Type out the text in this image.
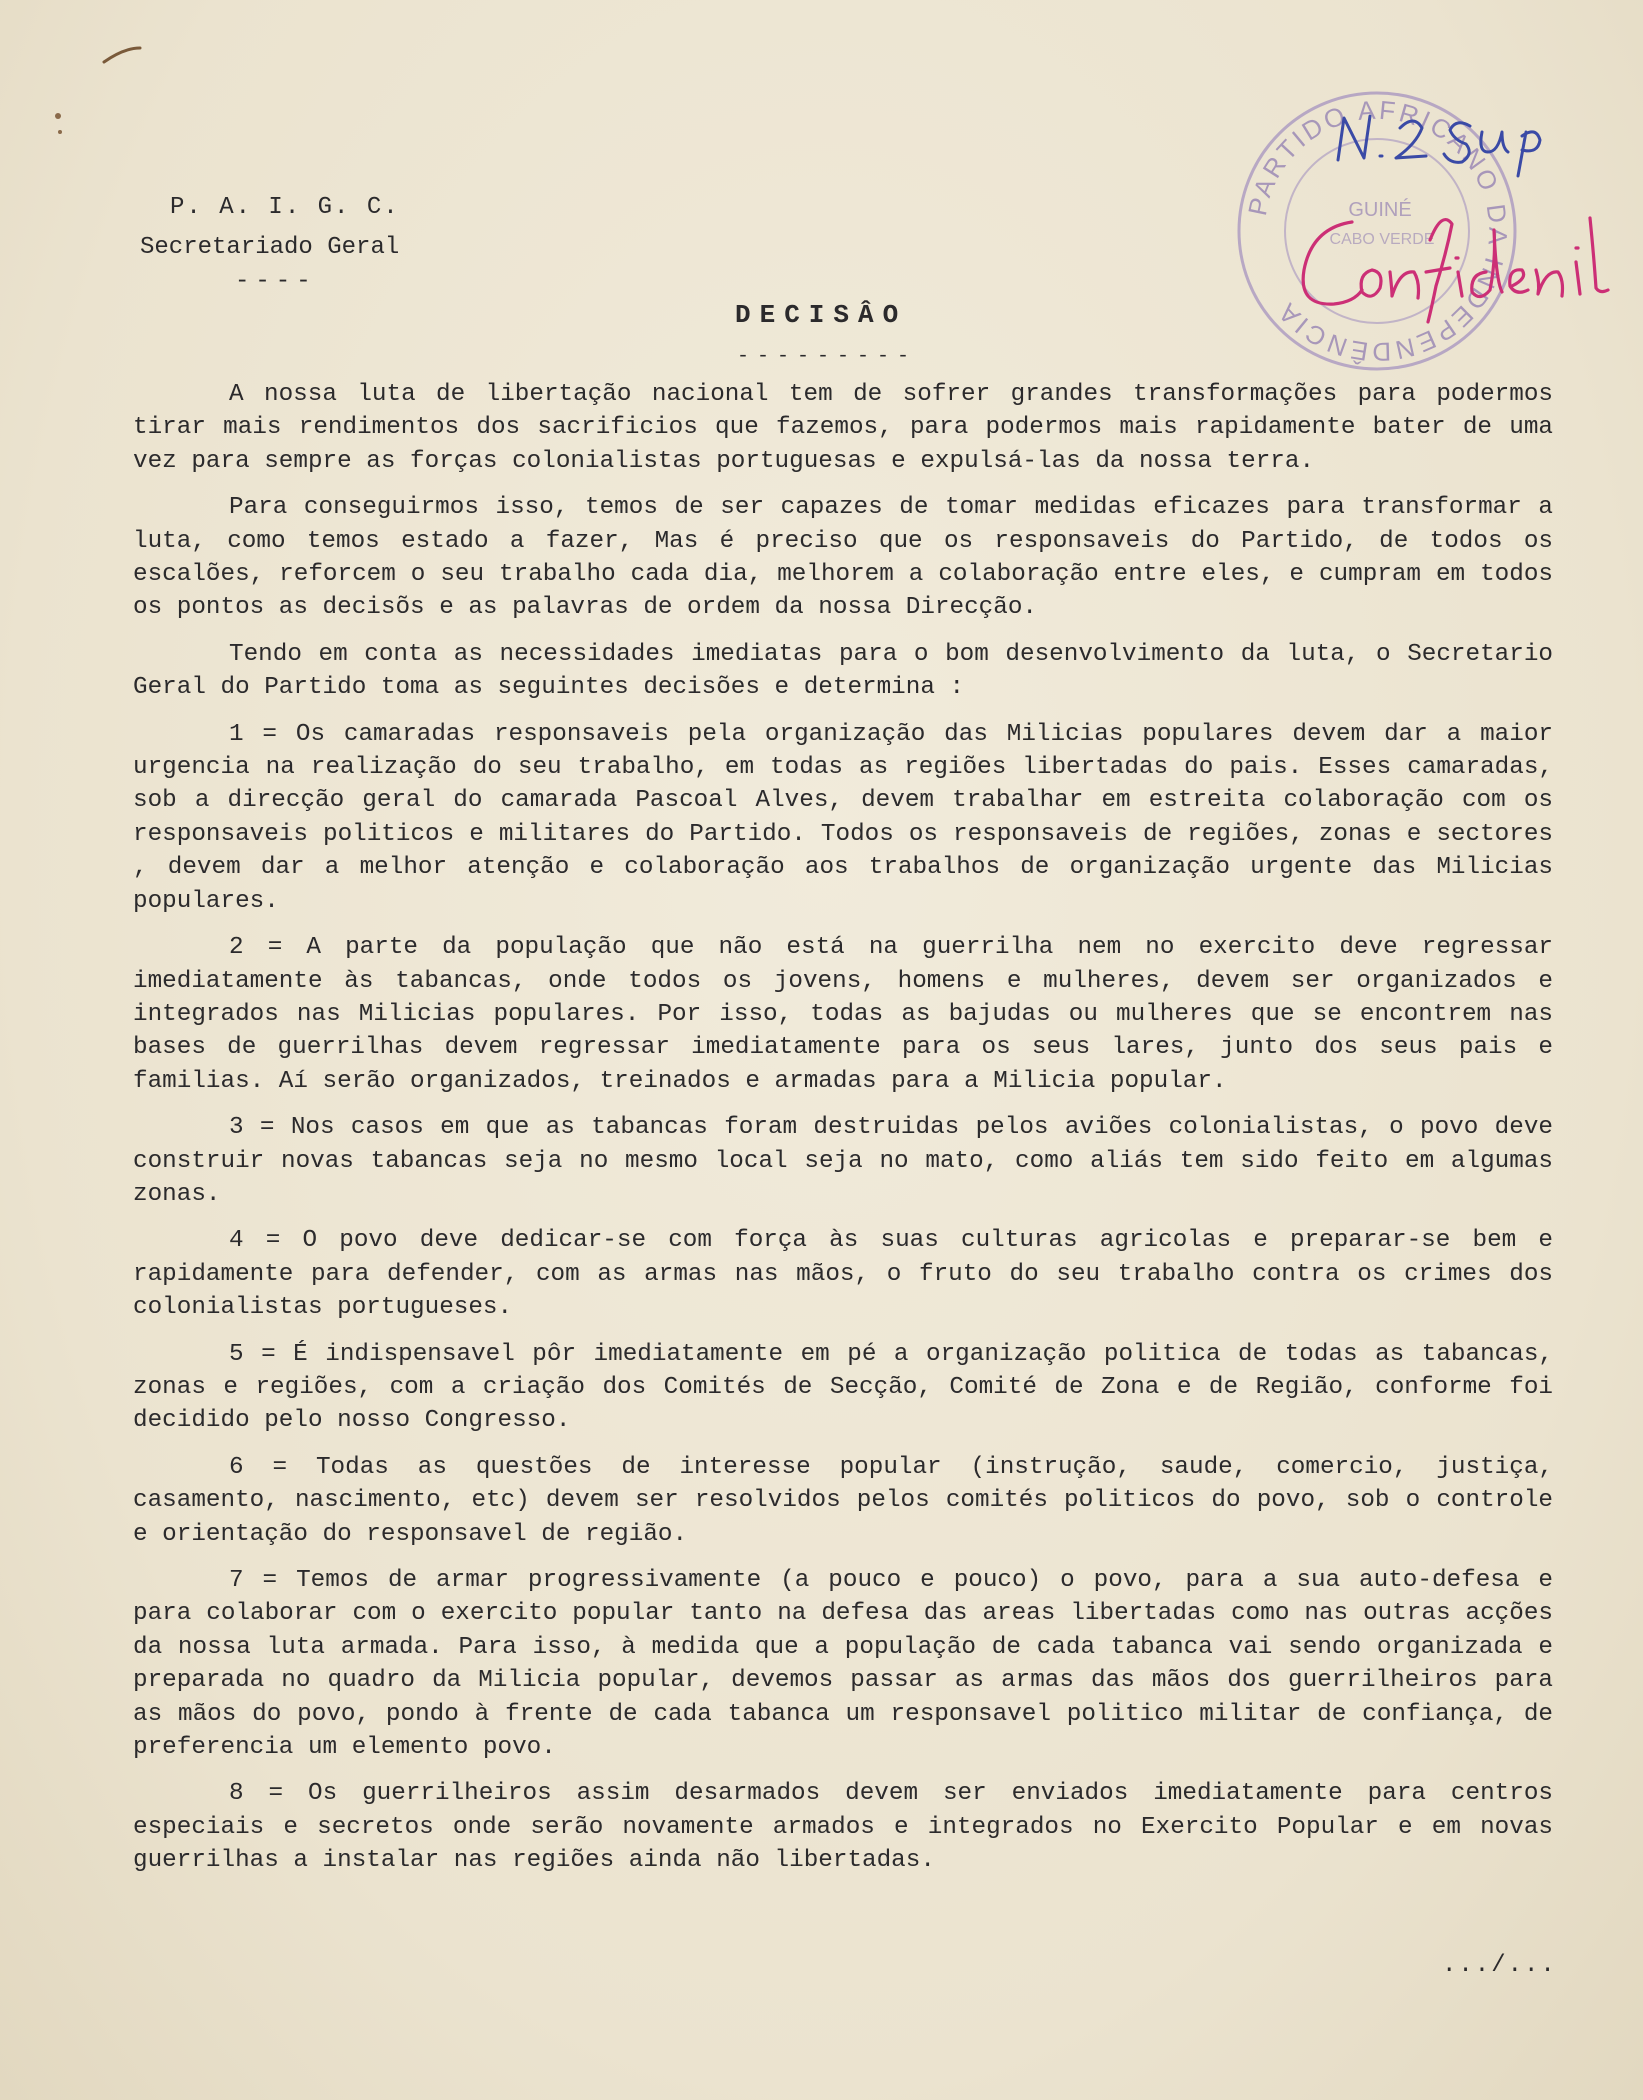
PARTIDO AFRICANO DA INDEPENDÊNCIA
GUINÉ
CABO VERDE
P. A. I. G. C.
Secretariado Geral
----
DECISÂO
---------

A nossa luta de libertação nacional tem de sofrer grandes transformações para podermos tirar mais rendimentos dos sacrificios que fazemos, para podermos mais rapidamente bater de uma vez para sempre as forças colonialistas portuguesas e expulsá-las da nossa terra.

Para conseguirmos isso, temos de ser capazes de tomar medidas eficazes para transformar a luta, como temos estado a fazer, Mas é preciso que os responsaveis do Partido, de todos os escalões, reforcem o seu trabalho cada dia, melhorem a colaboração entre eles, e cumpram em todos os pontos as decisõs e as palavras de ordem da nossa Direcção.

Tendo em conta as necessidades imediatas para o bom desenvolvimento da luta, o Secretario Geral do Partido toma as seguintes decisões e determina :

1 = Os camaradas responsaveis pela organização das Milicias populares devem dar a maior urgencia na realização do seu trabalho, em todas as regiões libertadas do pais. Esses camaradas, sob a direcção geral do camarada Pascoal Alves, devem trabalhar em estreita colaboração com os responsaveis politicos e militares do Partido. Todos os responsaveis de regiões, zonas e sectores , devem dar a melhor atenção e colaboração aos trabalhos de organização urgente das Milicias populares.

2 = A parte da população que não está na guerrilha nem no exercito deve regressar imediatamente às tabancas, onde todos os jovens, homens e mulheres, devem ser organizados e integrados nas Milicias populares. Por isso, todas as bajudas ou mulheres que se encontrem nas bases de guerrilhas devem regressar imediatamente para os seus lares, junto dos seus pais e familias. Aí serão organizados, treinados e armadas para a Milicia popular.

3 = Nos casos em que as tabancas foram destruidas pelos aviões colonialistas, o povo deve construir novas tabancas seja no mesmo local seja no mato, como aliás tem sido feito em algumas zonas.

4 = O povo deve dedicar-se com força às suas culturas agricolas e preparar-se bem e rapidamente para defender, com as armas nas mãos, o fruto do seu trabalho contra os crimes dos colonialistas portugueses.

5 = É indispensavel pôr imediatamente em pé a organização politica de todas as tabancas, zonas e regiões, com a criação dos Comités de Secção, Comité de Zona e de Região, conforme foi decidido pelo nosso Congresso.

6 = Todas as questões de interesse popular (instrução, saude, comercio, justiça, casamento, nascimento, etc) devem ser resolvidos pelos comités politicos do povo, sob o controle e orientação do responsavel de região.

7 = Temos de armar progressivamente (a pouco e pouco) o povo, para a sua auto-defesa e para colaborar com o exercito popular tanto na defesa das areas libertadas como nas outras acções da nossa luta armada. Para isso, à medida que a população de cada tabanca vai sendo organizada e preparada no quadro da Milicia popular, devemos passar as armas das mãos dos guerrilheiros para as mãos do povo, pondo à frente de cada tabanca um responsavel politico militar de confiança, de preferencia um elemento povo.

8 = Os guerrilheiros assim desarmados devem ser enviados imediatamente para centros especiais e secretos onde serão novamente armados e integrados no Exercito Popular e em novas guerrilhas a instalar nas regiões ainda não libertadas.

.../...
